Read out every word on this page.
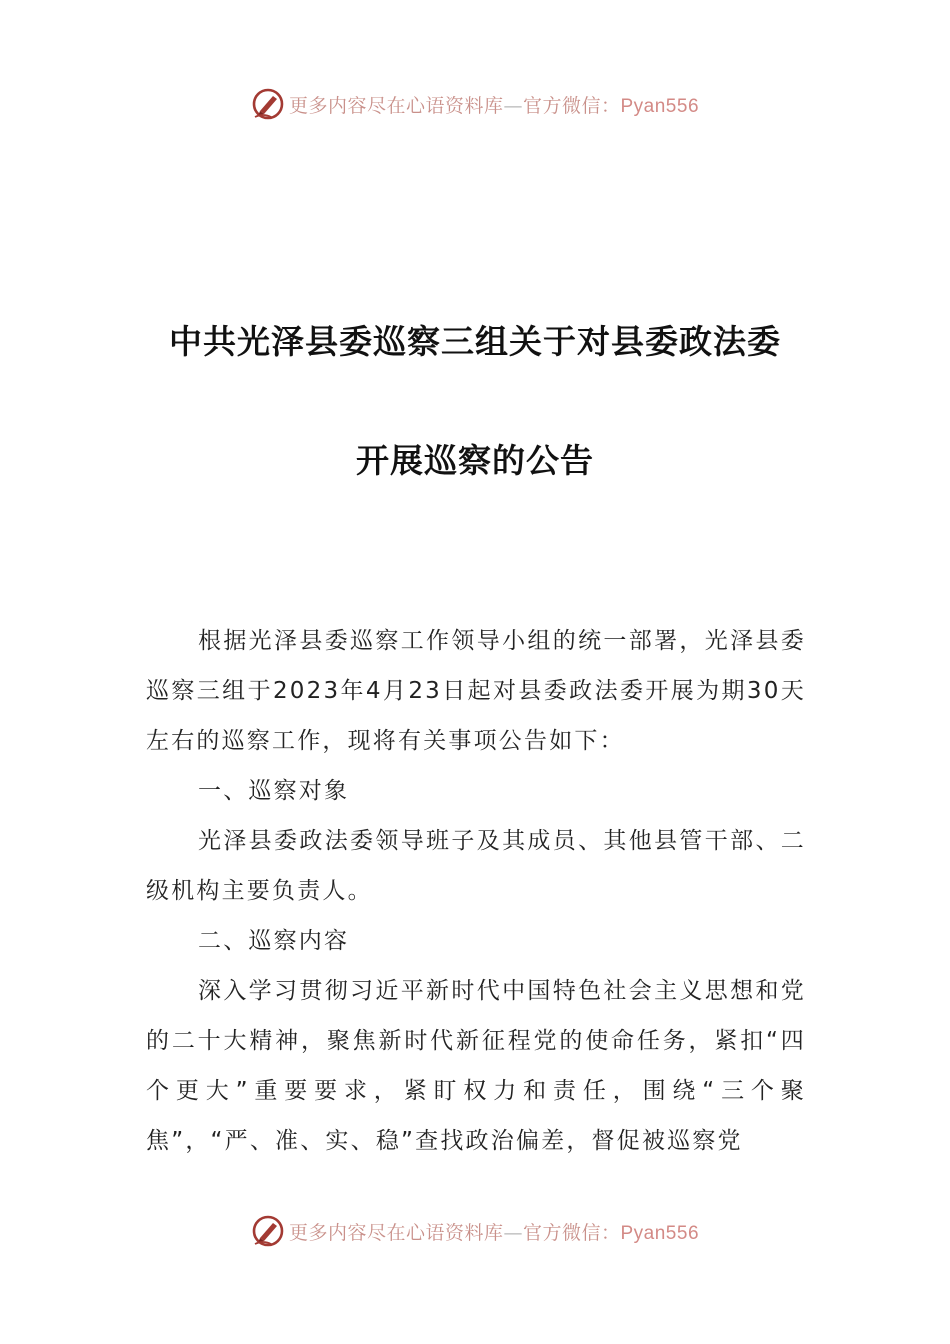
更多内容尽在心语资料库—官方微信：Pyan556
中共光泽县委巡察三组关于对县委政法委
开展巡察的公告

根据光泽县委巡察工作领导小组的统一部署，光泽县委巡察三组于2023年4月23日起对县委政法委开展为期30天左右的巡察工作，现将有关事项公告如下：

一、巡察对象

光泽县委政法委领导班子及其成员、其他县管干部、二级机构主要负责人。

二、巡察内容

深入学习贯彻习近平新时代中国特色社会主义思想和党的二十大精神，聚焦新时代新征程党的使命任务，紧扣“四个更大”重要要求，紧盯权力和责任，围绕“三个聚焦”，“严、准、实、稳”查找政治偏差，督促被巡察党

更多内容尽在心语资料库—官方微信：Pyan556
